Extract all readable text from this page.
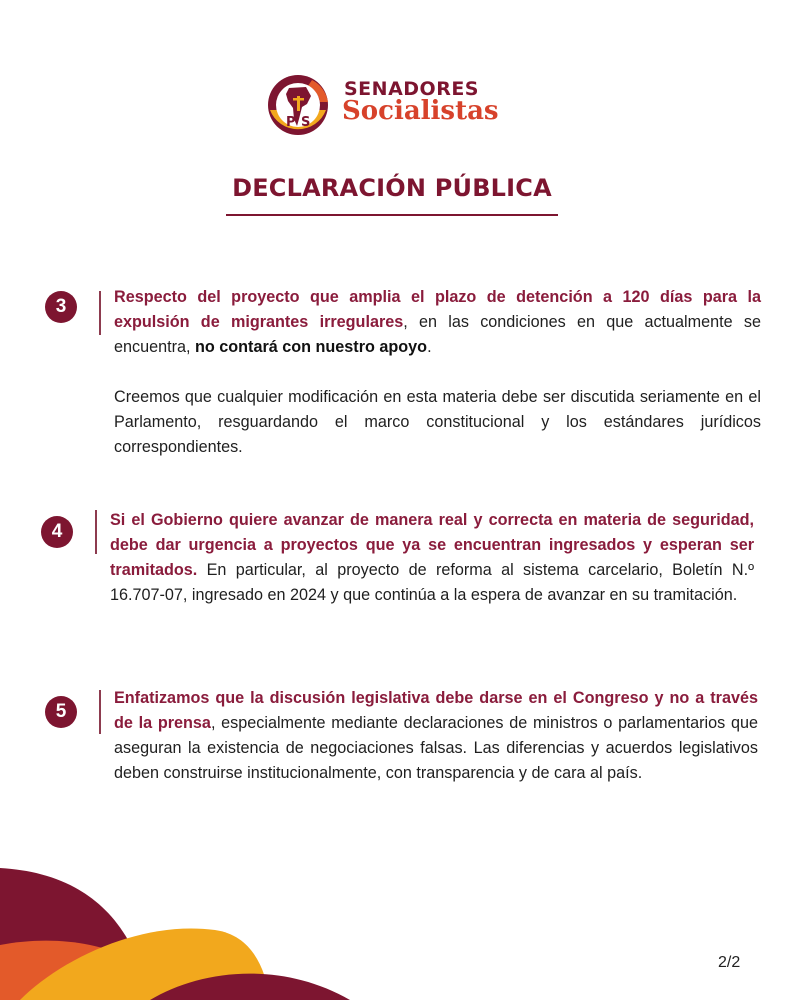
P S
SENADORES
Socialistas
DECLARACIÓN PÚBLICA
3	Respecto del proyecto que amplia el plazo de detención a 120 días para la expulsión de migrantes irregulares, en las condiciones en que actualmente se encuentra, no contará con nuestro apoyo.

Creemos que cualquier modificación en esta materia debe ser discutida seriamente en el Parlamento, resguardando el marco constitucional y los estándares jurídicos correspondientes.

4

Si el Gobierno quiere avanzar de manera real y correcta en materia de seguridad, debe dar urgencia a proyectos que ya se encuentran ingresados y esperan ser tramitados. En particular, al proyecto de reforma al sistema carcelario, Boletín N.º 16.707-07, ingresado en 2024 y que continúa a la espera de avanzar en su tramitación.

5

Enfatizamos que la discusión legislativa debe darse en el Congreso y no a través de la prensa, especialmente mediante declaraciones de ministros o parlamentarios que aseguran la existencia de negociaciones falsas. Las diferencias y acuerdos legislativos deben construirse institucionalmente, con transparencia y de cara al país.

2/2
